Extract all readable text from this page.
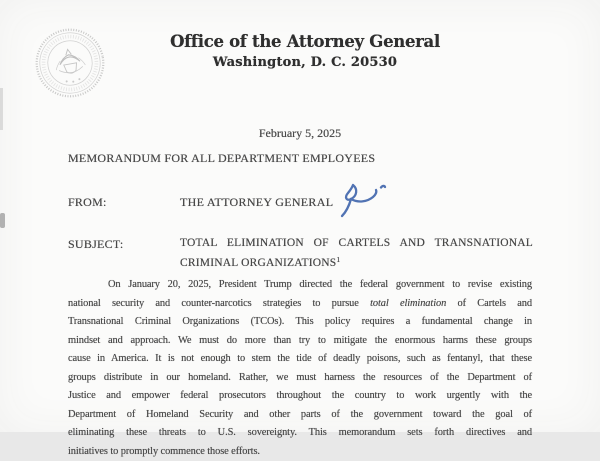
Office of the Attorney General
Washington, D. C. 20530
February 5, 2025
MEMORANDUM FOR ALL DEPARTMENT EMPLOYEES
FROM:	THE ATTORNEY GENERAL
SUBJECT:	TOTAL ELIMINATION OF CARTELS AND TRANSNATIONAL
CRIMINAL ORGANIZATIONS$^1$
On January 20, 2025, President Trump directed the federal government to revise existing
national security and counter-narcotics strategies to pursue total elimination of Cartels and
Transnational Criminal Organizations (TCOs). This policy requires a fundamental change in
mindset and approach. We must do more than try to mitigate the enormous harms these groups
cause in America. It is not enough to stem the tide of deadly poisons, such as fentanyl, that these
groups distribute in our homeland. Rather, we must harness the resources of the Department of
Justice and empower federal prosecutors throughout the country to work urgently with the
Department of Homeland Security and other parts of the government toward the goal of
eliminating these threats to U.S. sovereignty. This memorandum sets forth directives and
initiatives to promptly commence those efforts.
